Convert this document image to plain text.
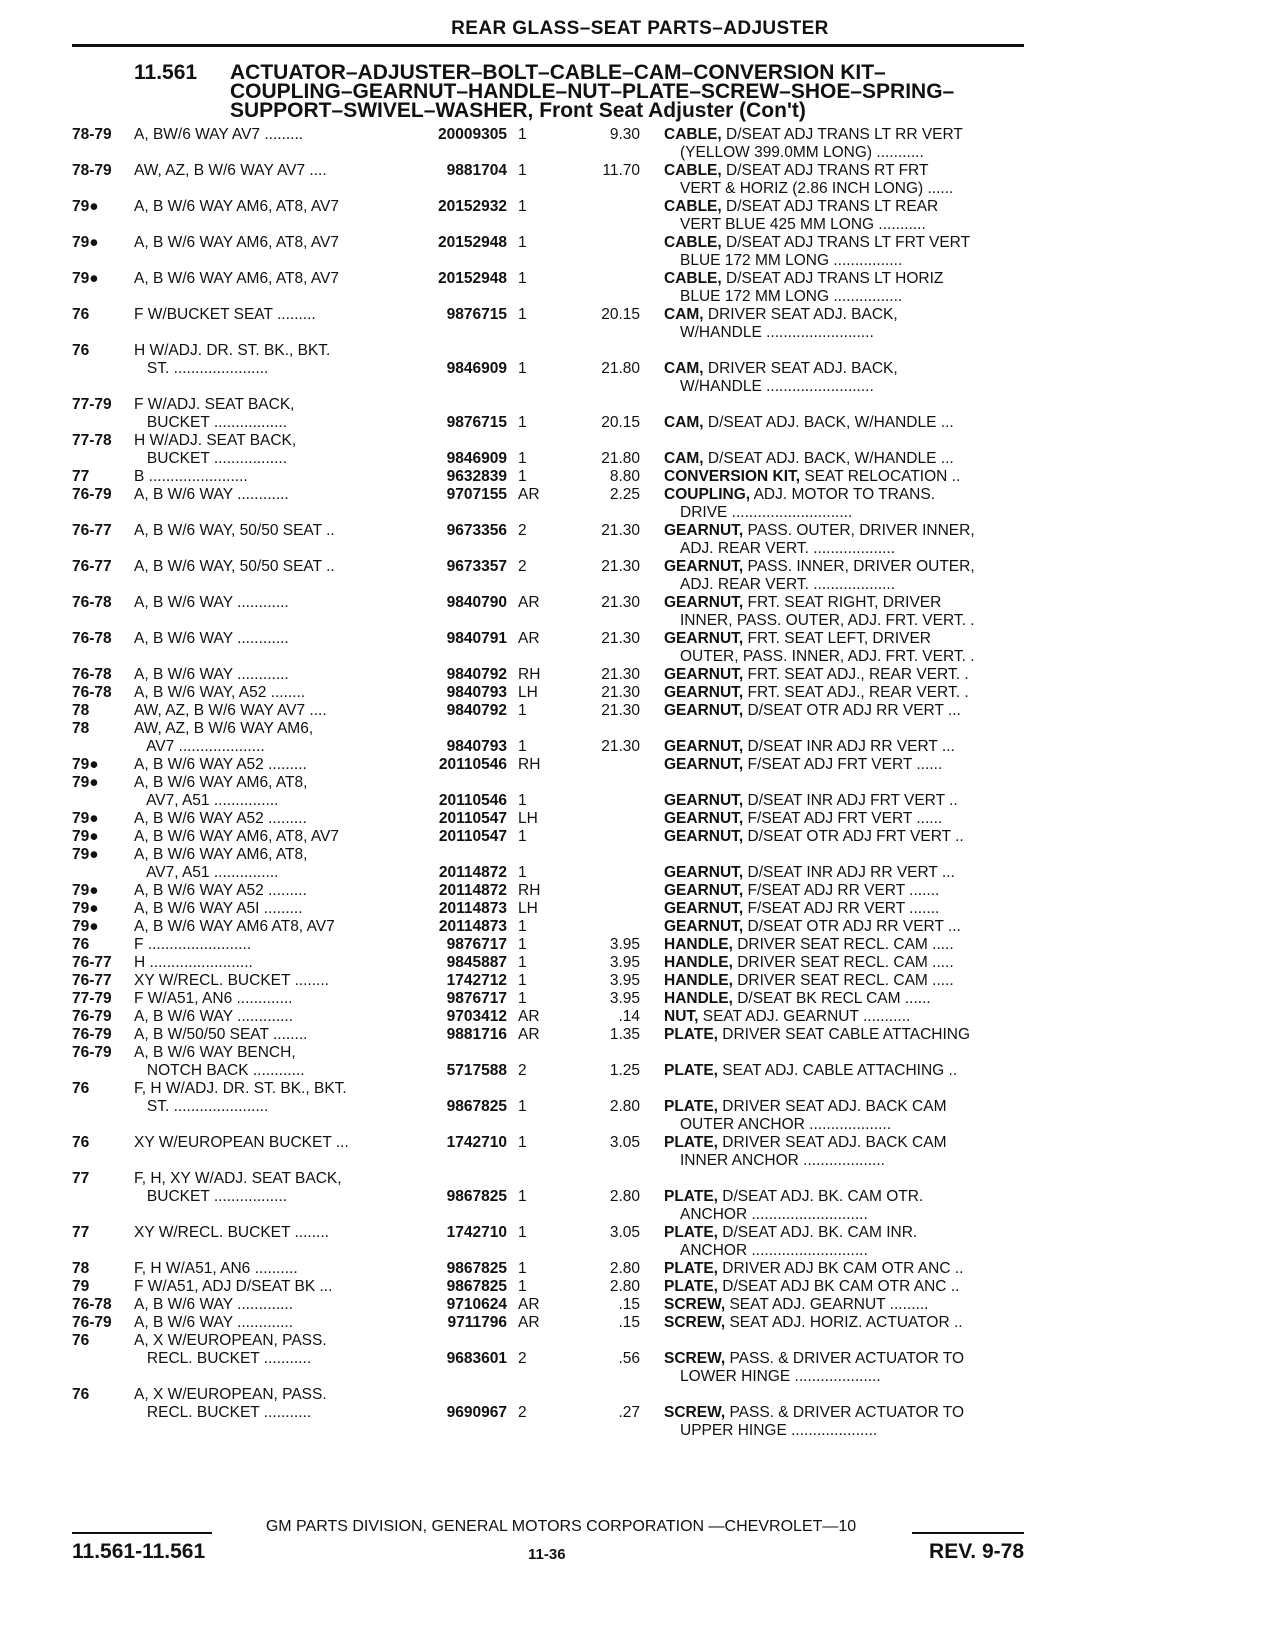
REAR GLASS–SEAT PARTS–ADJUSTER
11.561 ACTUATOR–ADJUSTER–BOLT–CABLE–CAM–CONVERSION KIT–
COUPLING–GEARNUT–HANDLE–NUT–PLATE–SCREW–SHOE–SPRING–
SUPPORT–SWIVEL–WASHER, Front Seat Adjuster (Con't)
78-79	A, BW/6 WAY AV7 .........	20009305 1	9.30 CABLE, D/SEAT ADJ TRANS LT RR VERT
(YELLOW 399.0MM LONG) ...........
78-79	AW, AZ, B W/6 WAY AV7 ....	9881704 1	11.70 CABLE, D/SEAT ADJ TRANS RT FRT
VERT & HORIZ (2.86 INCH LONG) ......
79●	A, B W/6 WAY AM6, AT8, AV7	20152932 1	CABLE, D/SEAT ADJ TRANS LT REAR
VERT BLUE 425 MM LONG ...........
79●	A, B W/6 WAY AM6, AT8, AV7	20152948 1	CABLE, D/SEAT ADJ TRANS LT FRT VERT
BLUE 172 MM LONG ................
79●	A, B W/6 WAY AM6, AT8, AV7	20152948 1	CABLE, D/SEAT ADJ TRANS LT HORIZ
BLUE 172 MM LONG ................
76	F W/BUCKET SEAT .........	9876715 1	20.15 CAM, DRIVER SEAT ADJ. BACK,
W/HANDLE .........................
76	H W/ADJ. DR. ST. BK., BKT.
ST. ......................	9846909 1	21.80 CAM, DRIVER SEAT ADJ. BACK,
W/HANDLE .........................
77-79	F W/ADJ. SEAT BACK,
BUCKET .................	9876715 1	20.15 CAM, D/SEAT ADJ. BACK, W/HANDLE ...
77-78	H W/ADJ. SEAT BACK,
BUCKET .................	9846909 1	21.80 CAM, D/SEAT ADJ. BACK, W/HANDLE ...
77	B .......................	9632839 1	8.80 CONVERSION KIT, SEAT RELOCATION ..
76-79	A, B W/6 WAY ............	9707155 AR	2.25 COUPLING, ADJ. MOTOR TO TRANS.
DRIVE ............................
76-77	A, B W/6 WAY, 50/50 SEAT ..	9673356 2	21.30 GEARNUT, PASS. OUTER, DRIVER INNER,
ADJ. REAR VERT. ...................
76-77	A, B W/6 WAY, 50/50 SEAT ..	9673357 2	21.30 GEARNUT, PASS. INNER, DRIVER OUTER,
ADJ. REAR VERT. ...................
76-78	A, B W/6 WAY ............	9840790 AR	21.30 GEARNUT, FRT. SEAT RIGHT, DRIVER
INNER, PASS. OUTER, ADJ. FRT. VERT. .
76-78	A, B W/6 WAY ............	9840791 AR	21.30 GEARNUT, FRT. SEAT LEFT, DRIVER
OUTER, PASS. INNER, ADJ. FRT. VERT. .
76-78	A, B W/6 WAY ............	9840792 RH	21.30 GEARNUT, FRT. SEAT ADJ., REAR VERT. .
76-78	A, B W/6 WAY, A52 ........	9840793 LH	21.30 GEARNUT, FRT. SEAT ADJ., REAR VERT. .
78	AW, AZ, B W/6 WAY AV7 ....	9840792 1	21.30 GEARNUT, D/SEAT OTR ADJ RR VERT ...
78	AW, AZ, B W/6 WAY AM6,
AV7 ....................	9840793 1	21.30 GEARNUT, D/SEAT INR ADJ RR VERT ...
79●	A, B W/6 WAY A52 .........	20110546 RH	GEARNUT, F/SEAT ADJ FRT VERT ......
79●	A, B W/6 WAY AM6, AT8,
AV7, A51 ...............	20110546 1	GEARNUT, D/SEAT INR ADJ FRT VERT ..
79●	A, B W/6 WAY A52 .........	20110547 LH	GEARNUT, F/SEAT ADJ FRT VERT ......
79●	A, B W/6 WAY AM6, AT8, AV7	20110547 1	GEARNUT, D/SEAT OTR ADJ FRT VERT ..
79●	A, B W/6 WAY AM6, AT8,
AV7, A51 ...............	20114872 1	GEARNUT, D/SEAT INR ADJ RR VERT ...
79●	A, B W/6 WAY A52 .........	20114872 RH	GEARNUT, F/SEAT ADJ RR VERT .......
79●	A, B W/6 WAY A5I .........	20114873 LH	GEARNUT, F/SEAT ADJ RR VERT .......
79●	A, B W/6 WAY AM6 AT8, AV7	20114873 1	GEARNUT, D/SEAT OTR ADJ RR VERT ...
76	F ........................	9876717 1	3.95 HANDLE, DRIVER SEAT RECL. CAM .....
76-77	H ........................	9845887 1	3.95 HANDLE, DRIVER SEAT RECL. CAM .....
76-77	XY W/RECL. BUCKET ........	1742712 1	3.95 HANDLE, DRIVER SEAT RECL. CAM .....
77-79	F W/A51, AN6 .............	9876717 1	3.95 HANDLE, D/SEAT BK RECL CAM ......
76-79	A, B W/6 WAY .............	9703412 AR	.14 NUT, SEAT ADJ. GEARNUT ...........
76-79	A, B W/50/50 SEAT ........	9881716 AR	1.35 PLATE, DRIVER SEAT CABLE ATTACHING
76-79	A, B W/6 WAY BENCH,
NOTCH BACK ............	5717588 2	1.25 PLATE, SEAT ADJ. CABLE ATTACHING ..
76	F, H W/ADJ. DR. ST. BK., BKT.
ST. ......................	9867825 1	2.80 PLATE, DRIVER SEAT ADJ. BACK CAM
OUTER ANCHOR ...................
76	XY W/EUROPEAN BUCKET ...	1742710 1	3.05 PLATE, DRIVER SEAT ADJ. BACK CAM
INNER ANCHOR ...................
77	F, H, XY W/ADJ. SEAT BACK,
BUCKET .................	9867825 1	2.80 PLATE, D/SEAT ADJ. BK. CAM OTR.
ANCHOR ...........................
77	XY W/RECL. BUCKET ........	1742710 1	3.05 PLATE, D/SEAT ADJ. BK. CAM INR.
ANCHOR ...........................
78	F, H W/A51, AN6 ..........	9867825 1	2.80 PLATE, DRIVER ADJ BK CAM OTR ANC ..
79	F W/A51, ADJ D/SEAT BK ...	9867825 1	2.80 PLATE, D/SEAT ADJ BK CAM OTR ANC ..
76-78	A, B W/6 WAY .............	9710624 AR	.15 SCREW, SEAT ADJ. GEARNUT .........
76-79	A, B W/6 WAY .............	9711796 AR	.15 SCREW, SEAT ADJ. HORIZ. ACTUATOR ..
76	A, X W/EUROPEAN, PASS.
RECL. BUCKET ...........	9683601 2	.56 SCREW, PASS. & DRIVER ACTUATOR TO
LOWER HINGE ....................
76	A, X W/EUROPEAN, PASS.
RECL. BUCKET ...........	9690967 2	.27 SCREW, PASS. & DRIVER ACTUATOR TO
UPPER HINGE ....................
GM PARTS DIVISION, GENERAL MOTORS CORPORATION —CHEVROLET—10
11.561-11.561	11-36	REV. 9-78
